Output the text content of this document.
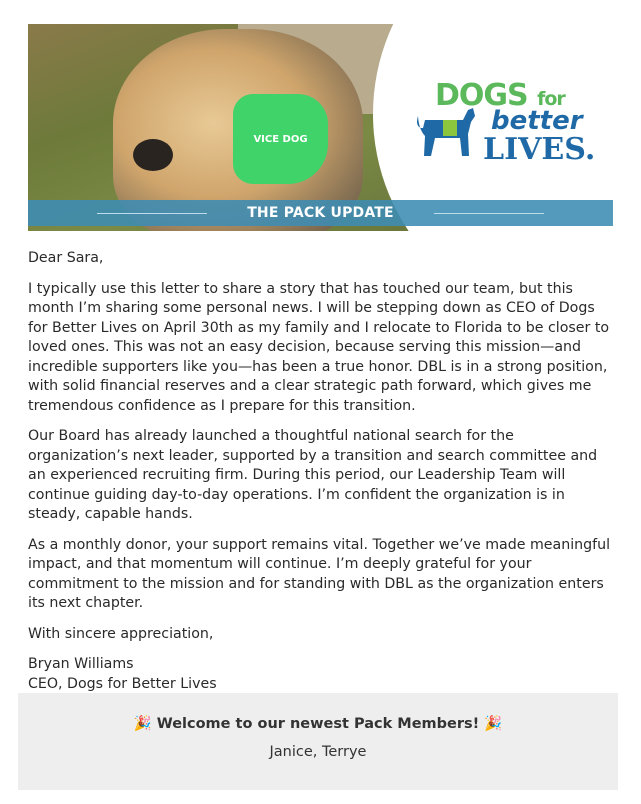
VICE DOG
DOGS for
better
LIVES.
THE PACK UPDATE

Dear Sara,

I typically use this letter to share a story that has touched our team, but this month I’m sharing some personal news. I will be stepping down as CEO of Dogs for Better Lives on April 30th as my family and I relocate to Florida to be closer to loved ones. This was not an easy decision, because serving this mission—and incredible supporters like you—has been a true honor. DBL is in a strong position, with solid financial reserves and a clear strategic path forward, which gives me tremendous confidence as I prepare for this transition.

Our Board has already launched a thoughtful national search for the organization’s next leader, supported by a transition and search committee and an experienced recruiting firm. During this period, our Leadership Team will continue guiding day-to-day operations. I’m confident the organization is in steady, capable hands.

As a monthly donor, your support remains vital. Together we’ve made meaningful impact, and that momentum will continue. I’m deeply grateful for your commitment to the mission and for standing with DBL as the organization enters its next chapter.

With sincere appreciation,

Bryan Williams
CEO, Dogs for Better Lives

🎉 Welcome to our newest Pack Members! 🎉
Janice, Terrye
